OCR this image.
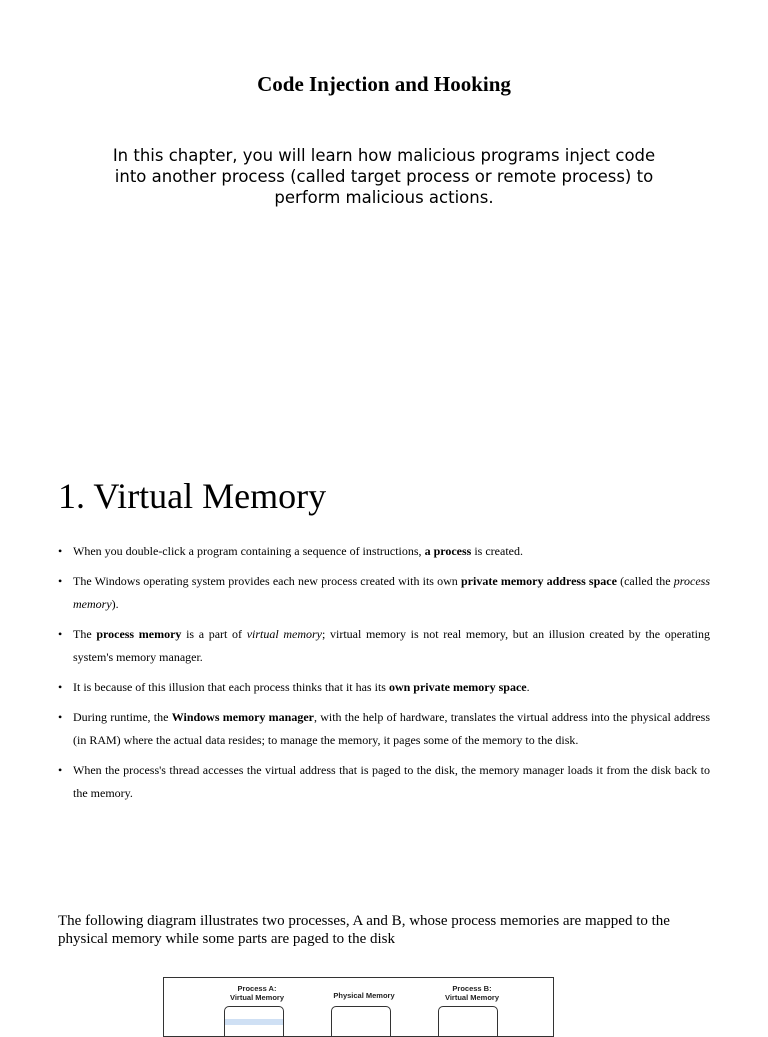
Code Injection and Hooking
In this chapter, you will learn how malicious programs inject code into another process (called target process or remote process) to perform malicious actions.
1. Virtual Memory
• When you double-click a program containing a sequence of instructions, a process is created.
• The Windows operating system provides each new process created with its own private memory address space (called the process memory).
• The process memory is a part of virtual memory; virtual memory is not real memory, but an illusion created by the operating system's memory manager.
• It is because of this illusion that each process thinks that it has its own private memory space.
• During runtime, the Windows memory manager, with the help of hardware, translates the virtual address into the physical address (in RAM) where the actual data resides; to manage the memory, it pages some of the memory to the disk.
• When the process's thread accesses the virtual address that is paged to the disk, the memory manager loads it from the disk back to the memory.
The following diagram illustrates two processes, A and B, whose process memories are mapped to the physical memory while some parts are paged to the disk
Process A:
Virtual Memory	Physical Memory
Process B:
Virtual Memory
